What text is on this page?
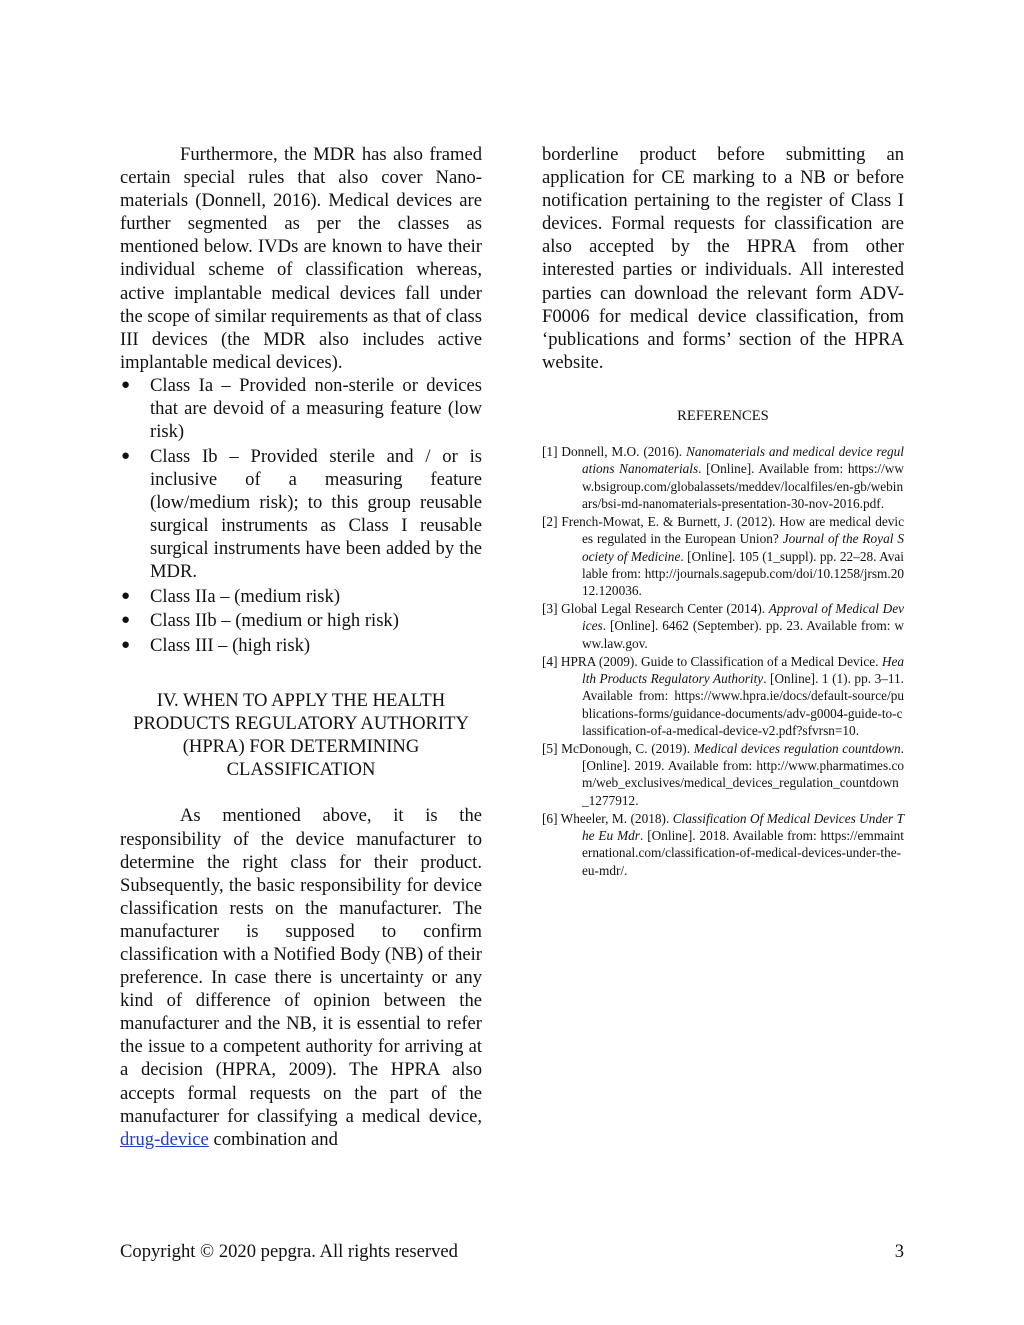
Furthermore, the MDR has also framed certain special rules that also cover Nano-materials (Donnell, 2016). Medical devices are further segmented as per the classes as mentioned below. IVDs are known to have their individual scheme of classification whereas, active implantable medical devices fall under the scope of similar requirements as that of class III devices (the MDR also includes active implantable medical devices).

● Class Ia – Provided non-sterile or devices that are devoid of a measuring feature (low risk)
● Class Ib – Provided sterile and / or is inclusive of a measuring feature (low/medium risk); to this group reusable surgical instruments as Class I reusable surgical instruments have been added by the MDR.
● Class IIa – (medium risk)
● Class IIb – (medium or high risk)
● Class III – (high risk)
IV. WHEN TO APPLY THE HEALTH PRODUCTS REGULATORY AUTHORITY (HPRA) FOR DETERMINING CLASSIFICATION

As mentioned above, it is the responsibility of the device manufacturer to determine the right class for their product. Subsequently, the basic responsibility for device classification rests on the manufacturer. The manufacturer is supposed to confirm classification with a Notified Body (NB) of their preference. In case there is uncertainty or any kind of difference of opinion between the manufacturer and the NB, it is essential to refer the issue to a competent authority for arriving at a decision (HPRA, 2009). The HPRA also accepts formal requests on the part of the manufacturer for classifying a medical device, drug-device combination and

borderline product before submitting an application for CE marking to a NB or before notification pertaining to the register of Class I devices. Formal requests for classification are also accepted by the HPRA from other interested parties or individuals. All interested parties can download the relevant form ADV-F0006 for medical device classification, from ‘publications and forms’ section of the HPRA website.

REFERENCES
[1] Donnell, M.O. (2016). Nanomaterials and medical device regulations Nanomaterials. [Online]. Available from: https://www.bsigroup.com/globalassets/meddev/localfiles/en-gb/webinars/bsi-md-nanomaterials-presentation-30-nov-2016.pdf.
[2] French-Mowat, E. & Burnett, J. (2012). How are medical devices regulated in the European Union? Journal of the Royal Society of Medicine. [Online]. 105 (1_suppl). pp. 22–28. Available from: http://journals.sagepub.com/doi/10.1258/jrsm.2012.120036.
[3] Global Legal Research Center (2014). Approval of Medical Devices. [Online]. 6462 (September). pp. 23. Available from: www.law.gov.
[4] HPRA (2009). Guide to Classification of a Medical Device. Health Products Regulatory Authority. [Online]. 1 (1). pp. 3–11. Available from: https://www.hpra.ie/docs/default-source/publications-forms/guidance-documents/adv-g0004-guide-to-classification-of-a-medical-device-v2.pdf?sfvrsn=10.
[5] McDonough, C. (2019). Medical devices regulation countdown. [Online]. 2019. Available from: http://www.pharmatimes.com/web_exclusives/medical_devices_regulation_countdown_1277912.
[6] Wheeler, M. (2018). Classification Of Medical Devices Under The Eu Mdr. [Online]. 2018. Available from: https://emmainternational.com/classification-of-medical-devices-under-the-eu-mdr/.
Copyright © 2020 pepgra. All rights reserved	3
